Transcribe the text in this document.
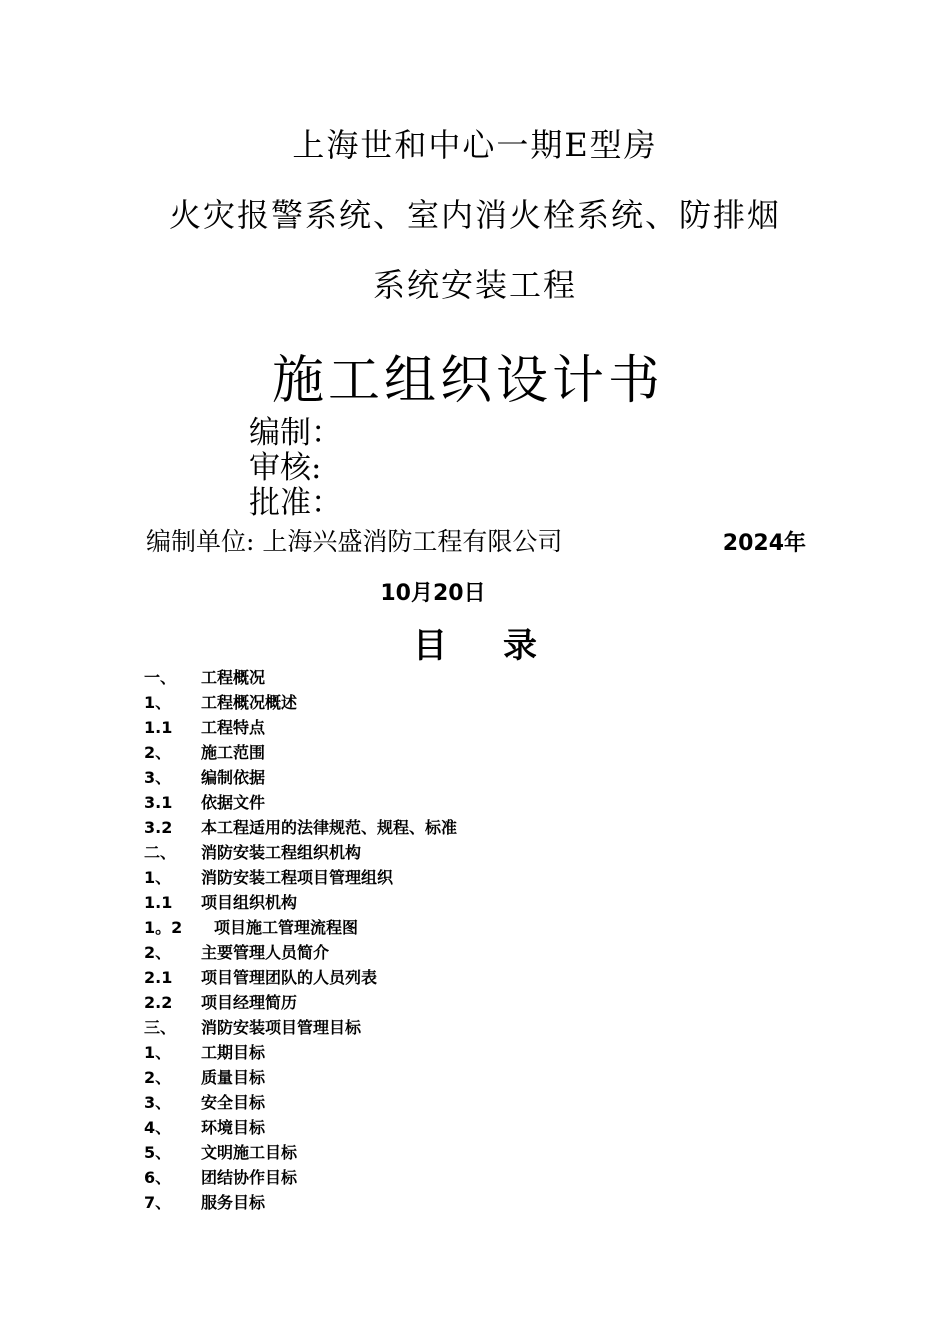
上海世和中心一期E型房
火灾报警系统、室内消火栓系统、防排烟
系统安装工程
施工组织设计书
编制：
审核:
批准：
编制单位: 上海兴盛消防工程有限公司	2024年
10月20日
目 录
一、 工程概况
1、 工程概况概述
1.1 工程特点
2、 施工范围
3、 编制依据
3.1 依据文件
3.2 本工程适用的法律规范、规程、标准
二、 消防安装工程组织机构
1、 消防安装工程项目管理组织
1.1 项目组织机构
1。2 项目施工管理流程图
2、 主要管理人员简介
2.1 项目管理团队的人员列表
2.2 项目经理简历
三、 消防安装项目管理目标
1、 工期目标
2、 质量目标
3、 安全目标
4、 环境目标
5、 文明施工目标
6、 团结协作目标
7、 服务目标
